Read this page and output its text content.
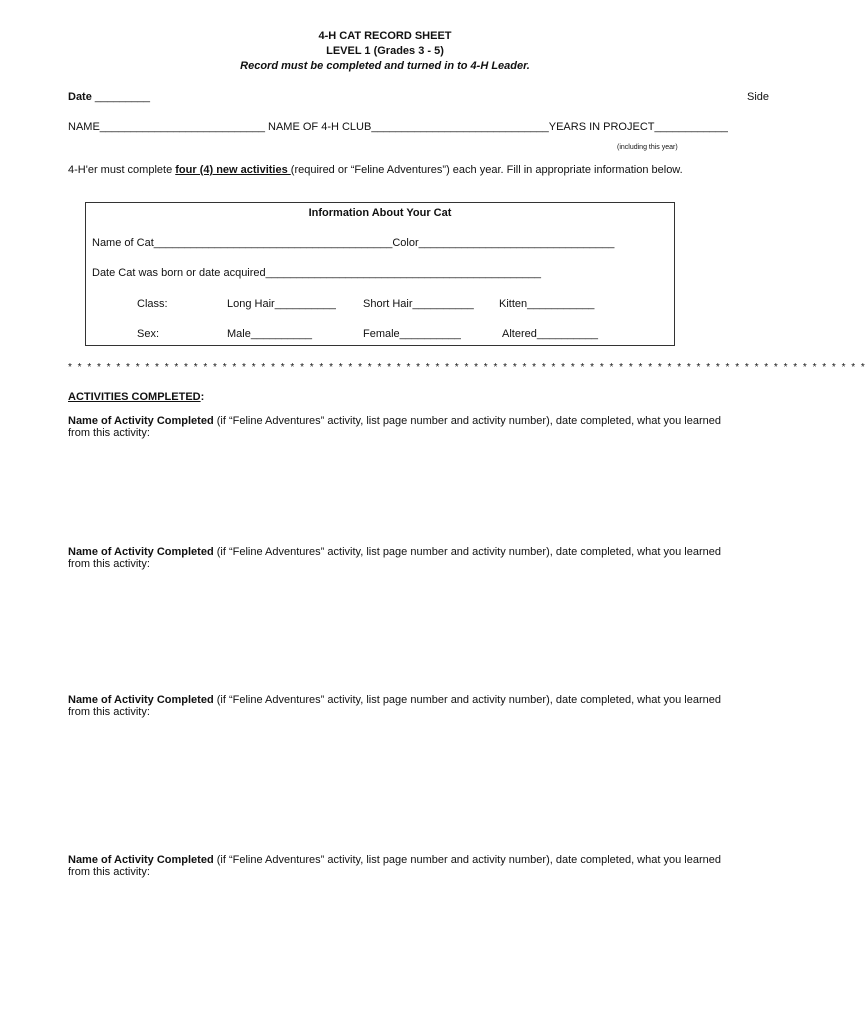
4-H CAT RECORD SHEET
LEVEL 1 (Grades 3 - 5)
Record must be completed and turned in to 4-H Leader.
Date _________	Side
NAME___________________________ NAME OF 4-H CLUB_____________________________YEARS IN PROJECT____________
(including this year)
4-H'er must complete four (4) new activities (required or “Feline Adventures”) each year. Fill in appropriate information below.
Information About Your Cat
Name of Cat_______________________________________Color________________________________
Date Cat was born or date acquired_____________________________________________
Class:	Long Hair__________ Short Hair__________ Kitten___________
Sex:	Male__________	Female__________	Altered__________
* * * * * * * * * * * * * * * * * * * * * * * * * * * * * * * * * * * * * * * * * * * * * * * * * * * * * * * * * * * * * * * * * * * * * * * * * * * * * * * * * * *
ACTIVITIES COMPLETED:
Name of Activity Completed (if “Feline Adventures” activity, list page number and activity number), date completed, what you learned from this activity:
Name of Activity Completed (if “Feline Adventures” activity, list page number and activity number), date completed, what you learned from this activity:
Name of Activity Completed (if “Feline Adventures” activity, list page number and activity number), date completed, what you learned from this activity:
Name of Activity Completed (if “Feline Adventures” activity, list page number and activity number), date completed, what you learned from this activity:
